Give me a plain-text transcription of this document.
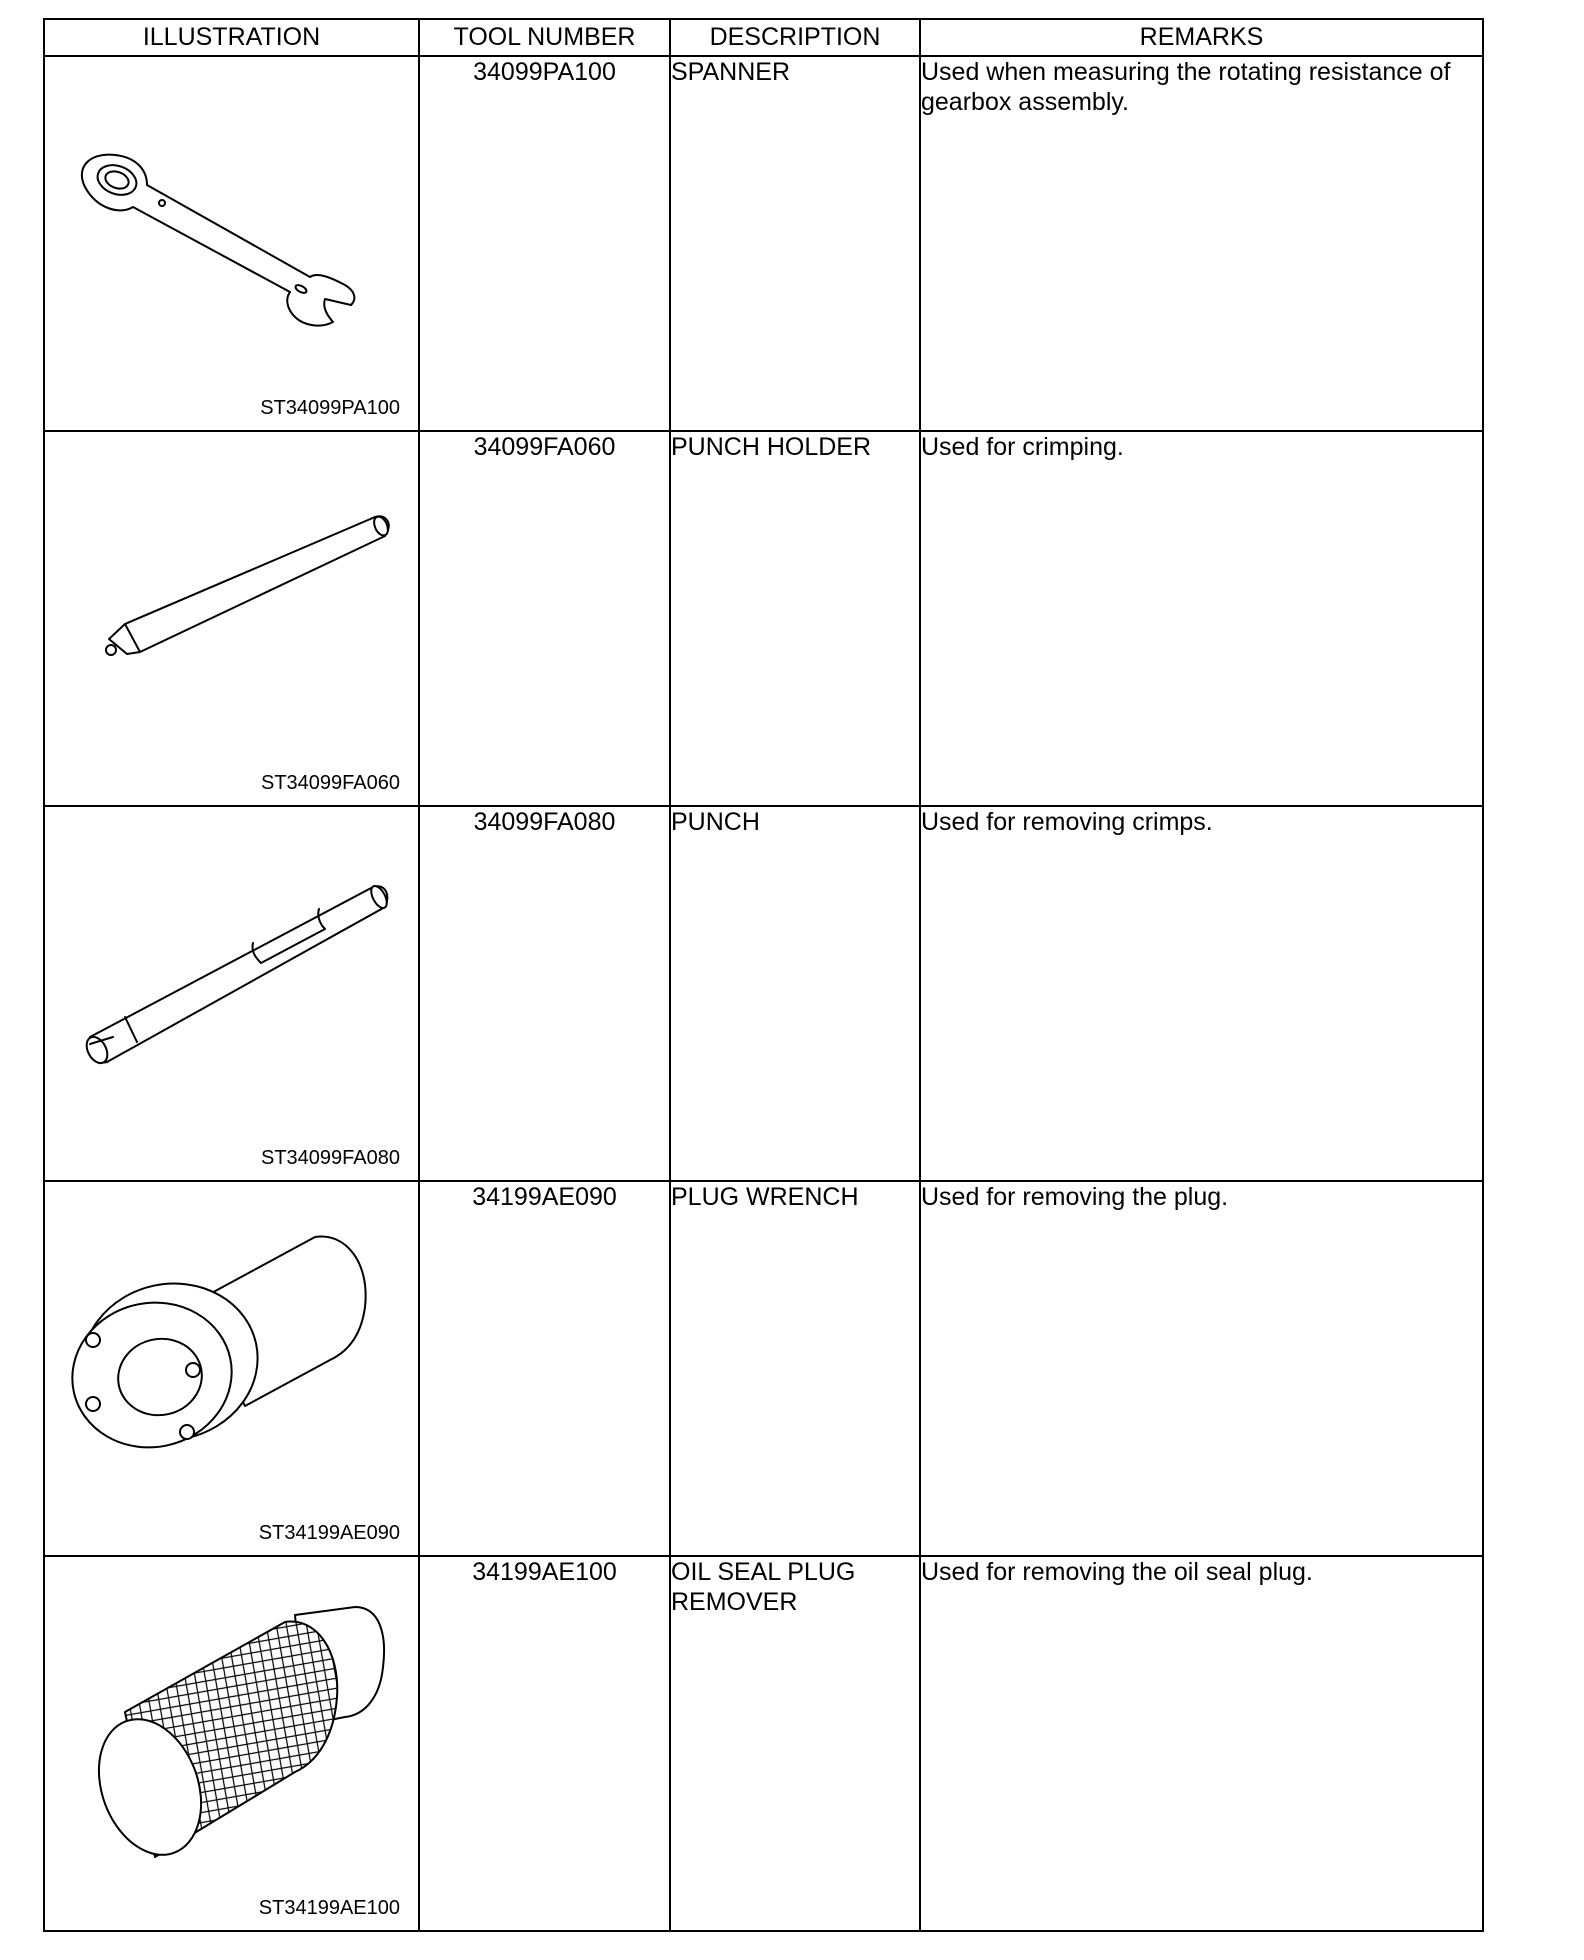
ILLUSTRATION	TOOL NUMBER	DESCRIPTION	REMARKS

ST34099PA100	34099PA100	SPANNER	Used when measuring the rotating resistance of gearbox assembly.

ST34099FA060	34099FA060	PUNCH HOLDER	Used for crimping.

ST34099FA080	34099FA080	PUNCH	Used for removing crimps.

ST34199AE090	34199AE090	PLUG WRENCH	Used for removing the plug.

ST34199AE100	34199AE100	OIL SEAL PLUG REMOVER	Used for removing the oil seal plug.
